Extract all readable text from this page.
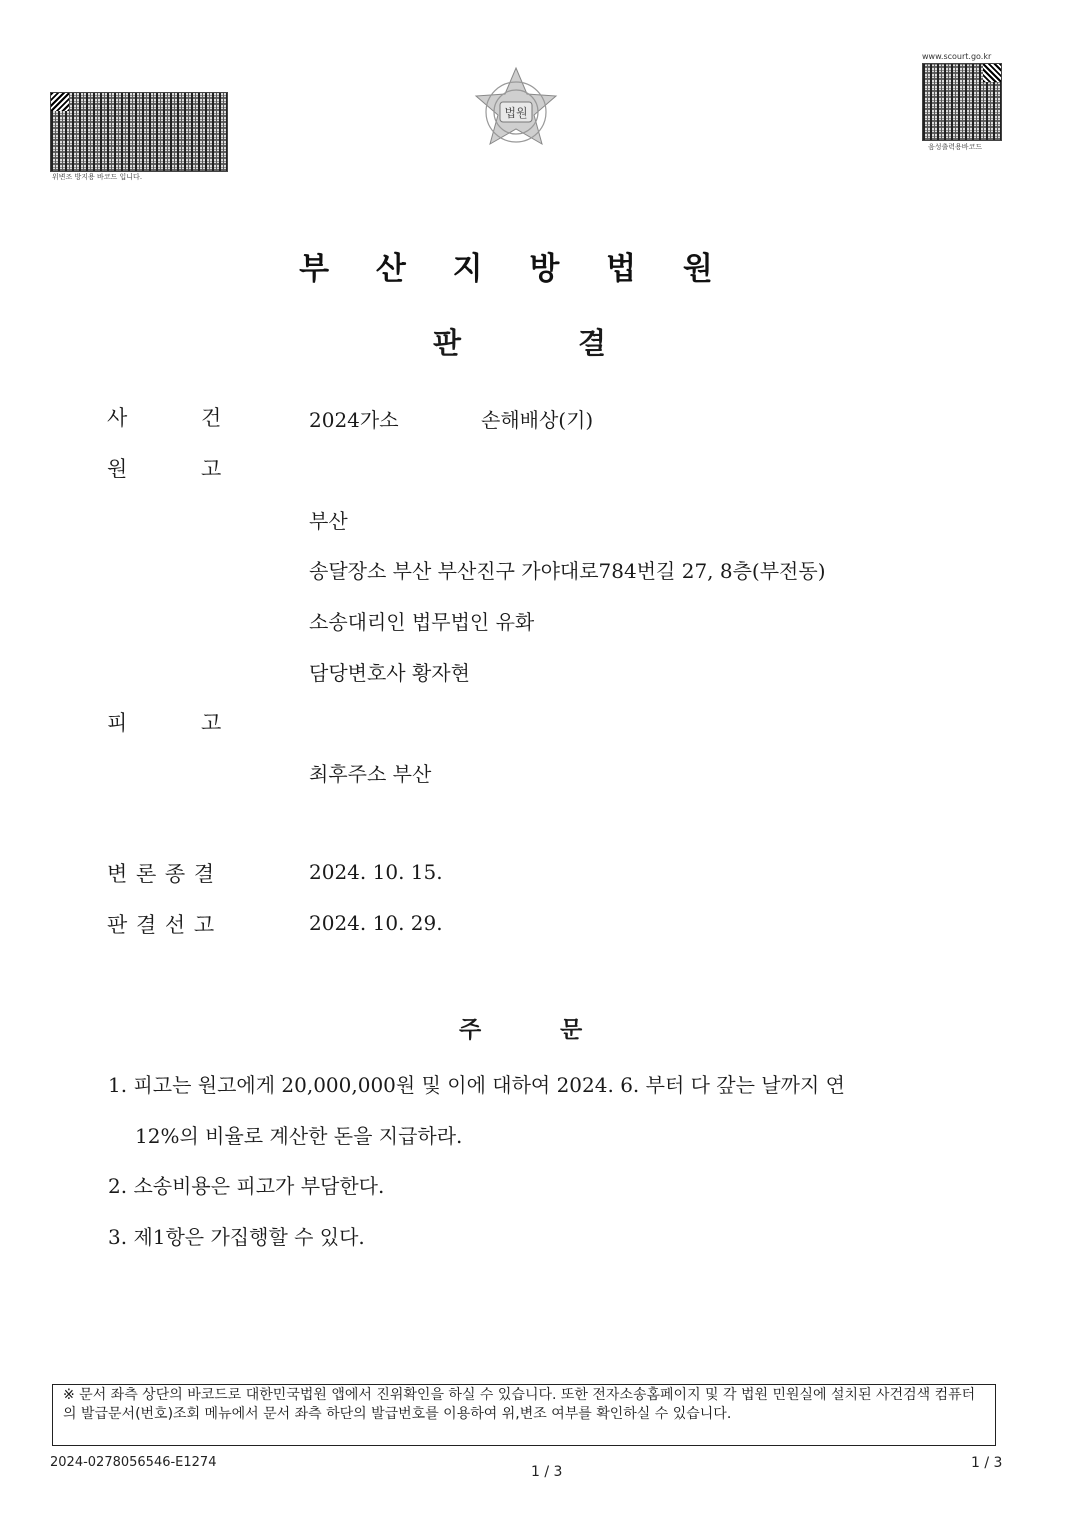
위변조 방지용 바코드 입니다.
www.scourt.go.kr
음성출력용바코드
법원
부 산 지 방 법 원
판	결
사	건	2024가소	손해배상(기)
원	고
부산
송달장소 부산 부산진구 가야대로784번길 27, 8층(부전동)
소송대리인 법무법인 유화
담당변호사 황자현
피	고
최후주소 부산
변 론 종 결	2024. 10. 15.
판 결 선 고	2024. 10. 29.
주	문
1. 피고는 원고에게 20,000,000원 및 이에 대하여 2024. 6. 부터 다 갚는 날까지 연
12%의 비율로 계산한 돈을 지급하라.
2. 소송비용은 피고가 부담한다.
3. 제1항은 가집행할 수 있다.
※ 문서 좌측 상단의 바코드로 대한민국법원 앱에서 진위확인을 하실 수 있습니다. 또한 전자소송홈페이지 및 각 법원 민원실에 설치된 사건검색 컴퓨터의 발급문서(번호)조회 메뉴에서 문서 좌측 하단의 발급번호를 이용하여 위,변조 여부를 확인하실 수 있습니다.
2024-0278056546-E1274
1 / 3
1 / 3
